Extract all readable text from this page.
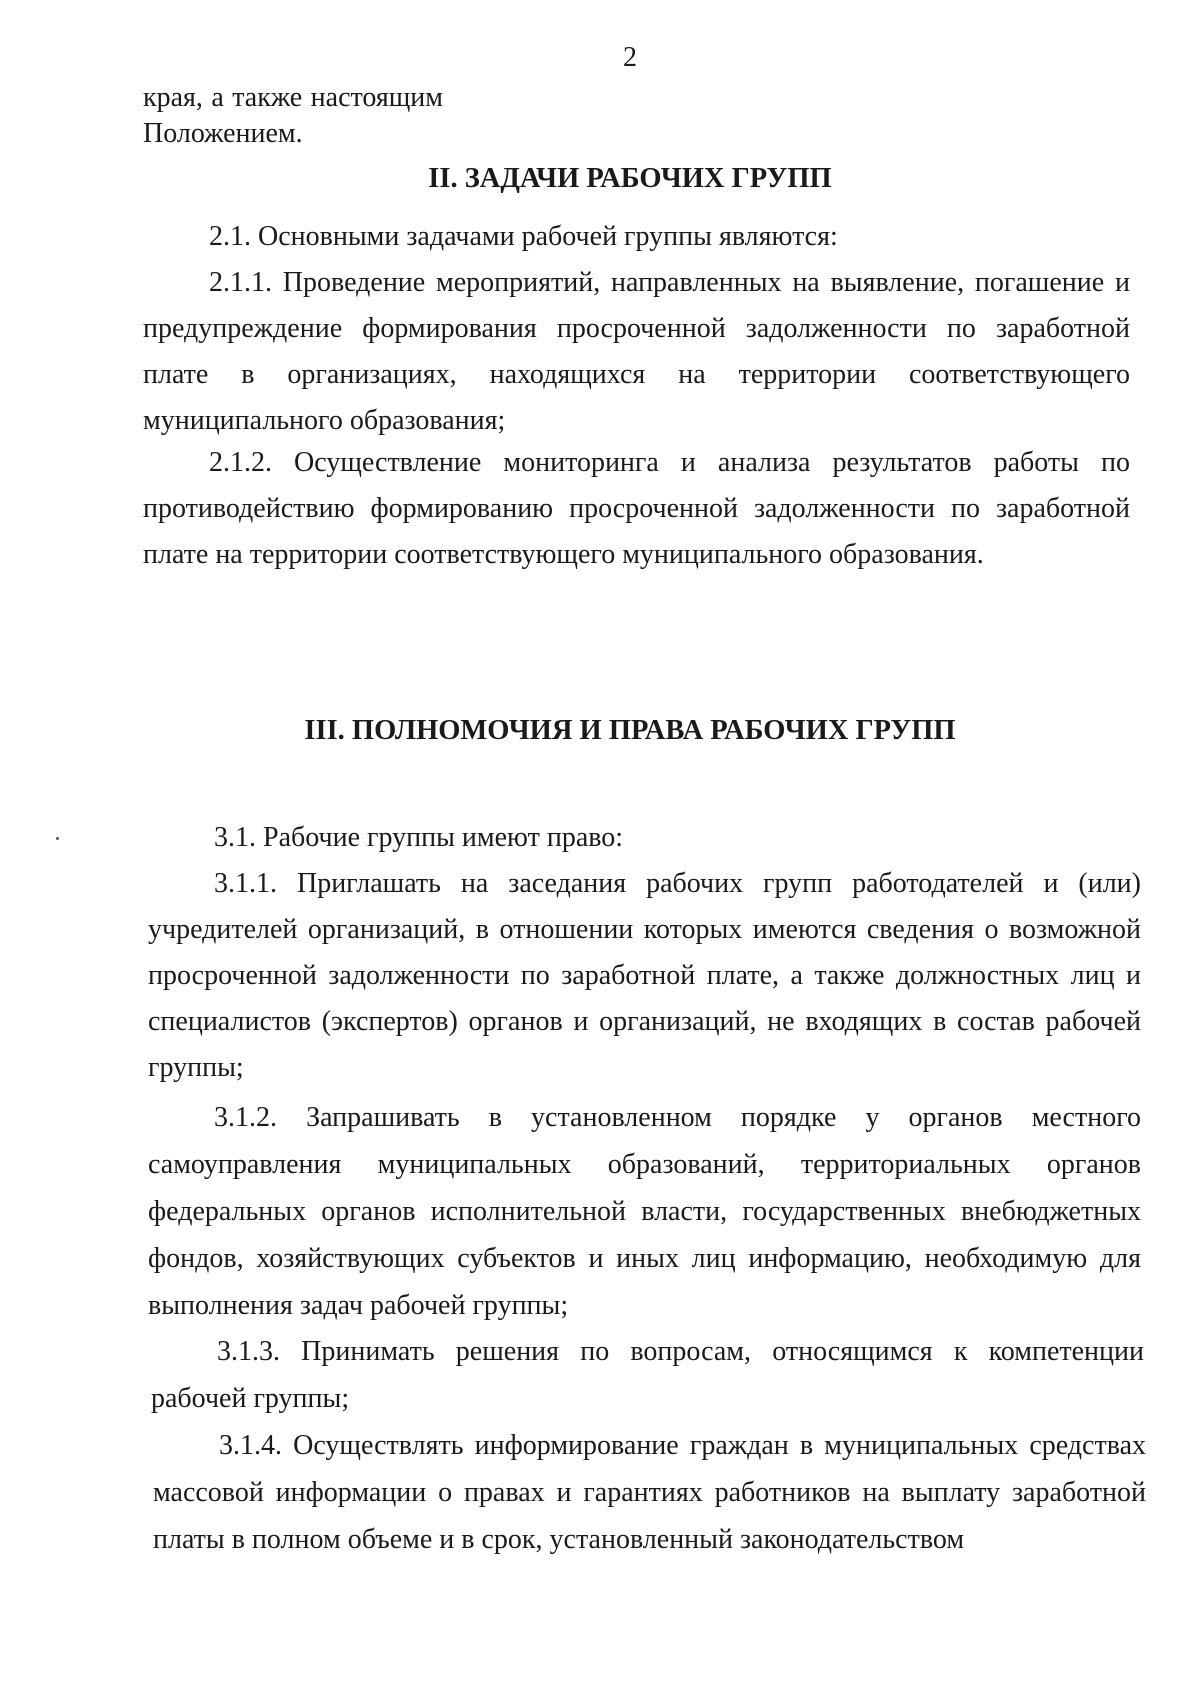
2

края, а также настоящим Положением.

II. ЗАДАЧИ РАБОЧИХ ГРУПП

2.1. Основными задачами рабочей группы являются:

2.1.1. Проведение мероприятий, направленных на выявление, погашение и предупреждение формирования просроченной задолженности по заработной плате в организациях, находящихся на территории соответствующего муниципального образования;

2.1.2. Осуществление мониторинга и анализа результатов работы по противодействию формированию просроченной задолженности по заработной плате на территории соответствующего муниципального образования.

III. ПОЛНОМОЧИЯ И ПРАВА РАБОЧИХ ГРУПП

3.1. Рабочие группы имеют право:

3.1.1. Приглашать на заседания рабочих групп работодателей и (или) учредителей организаций, в отношении которых имеются сведения о возможной просроченной задолженности по заработной плате, а также должностных лиц и специалистов (экспертов) органов и организаций, не входящих в состав рабочей группы;

3.1.2. Запрашивать в установленном порядке у органов местного самоуправления муниципальных образований, территориальных органов федеральных органов исполнительной власти, государственных внебюджетных фондов, хозяйствующих субъектов и иных лиц информацию, необходимую для выполнения задач рабочей группы;

3.1.3. Принимать решения по вопросам, относящимся к компетенции рабочей группы;

3.1.4. Осуществлять информирование граждан в муниципальных средствах массовой информации о правах и гарантиях работников на выплату заработной платы в полном объеме и в срок, установленный законодательством
